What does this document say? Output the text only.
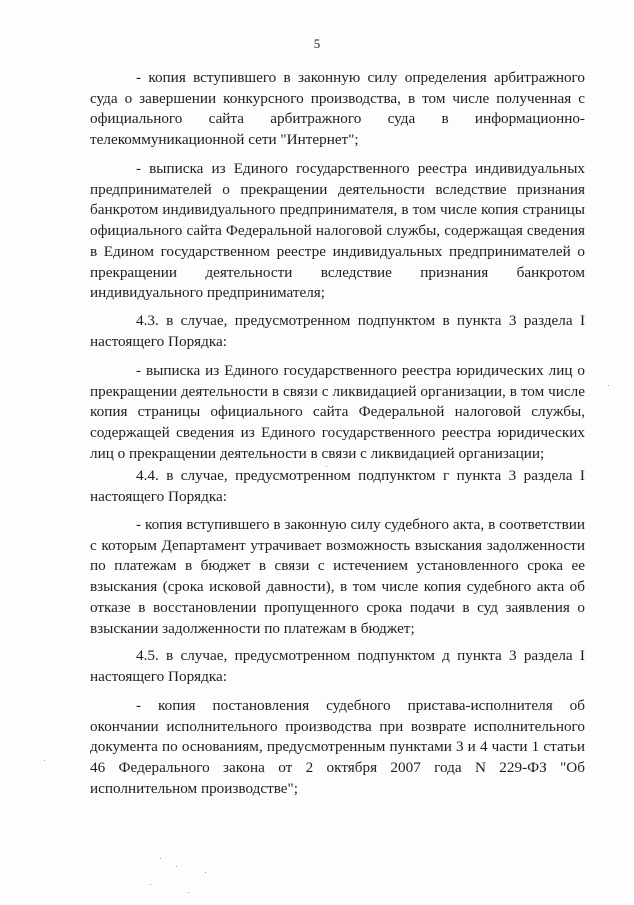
5

- копия вступившего в законную силу определения арбитражного суда о завершении конкурсного производства, в том числе полученная с официального сайта арбитражного суда в информационно-телекоммуникационной сети "Интернет";

- выписка из Единого государственного реестра индивидуальных предпринимателей о прекращении деятельности вследствие признания банкротом индивидуального предпринимателя, в том числе копия страницы официального сайта Федеральной налоговой службы, содержащая сведения в Едином государственном реестре индивидуальных предпринимателей о прекращении деятельности вследствие признания банкротом индивидуального предпринимателя;

4.3. в случае, предусмотренном подпунктом в пункта 3 раздела I настоящего Порядка:

- выписка из Единого государственного реестра юридических лиц о прекращении деятельности в связи с ликвидацией организации, в том числе копия страницы официального сайта Федеральной налоговой службы, содержащей сведения из Единого государственного реестра юридических лиц о прекращении деятельности в связи с ликвидацией организации;

4.4. в случае, предусмотренном подпунктом г пункта 3 раздела I настоящего Порядка:

- копия вступившего в законную силу судебного акта, в соответствии с которым Департамент утрачивает возможность взыскания задолженности по платежам в бюджет в связи с истечением установленного срока ее взыскания (срока исковой давности), в том числе копия судебного акта об отказе в восстановлении пропущенного срока подачи в суд заявления о взыскании задолженности по платежам в бюджет;

4.5. в случае, предусмотренном подпунктом д пункта 3 раздела I настоящего Порядка:

- копия постановления судебного пристава-исполнителя об окончании исполнительного производства при возврате исполнительного документа по основаниям, предусмотренным пунктами 3 и 4 части 1 статьи 46 Федерального закона от 2 октября 2007 года N 229-ФЗ "Об исполнительном производстве";
